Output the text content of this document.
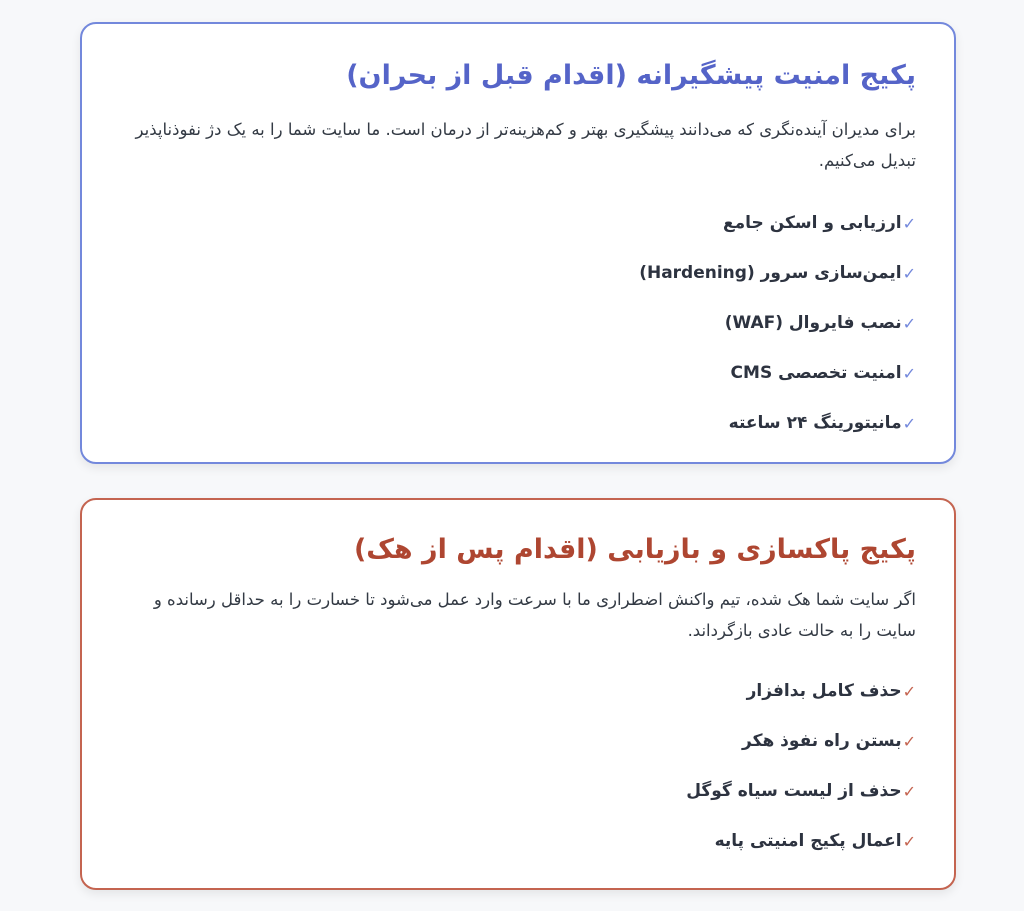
پکیج امنیت پیشگیرانه (اقدام قبل از بحران)

برای مدیران آینده‌نگری که می‌دانند پیشگیری بهتر و کم‌هزینه‌تر از درمان است. ما سایت شما را به یک دژ نفوذناپذیر تبدیل می‌کنیم.

✓
ارزیابی و اسکن جامع
✓
ایمن‌سازی سرور (Hardening)
✓
نصب فایروال (WAF)
✓
امنیت تخصصی CMS
✓
مانیتورینگ ۲۴ ساعته
پکیج پاکسازی و بازیابی (اقدام پس از هک)

اگر سایت شما هک شده، تیم واکنش اضطراری ما با سرعت وارد عمل می‌شود تا خسارت را به حداقل رسانده و سایت را به حالت عادی بازگرداند.

✓
حذف کامل بدافزار
✓
بستن راه نفوذ هکر
✓
حذف از لیست سیاه گوگل
✓
اعمال پکیج امنیتی پایه
